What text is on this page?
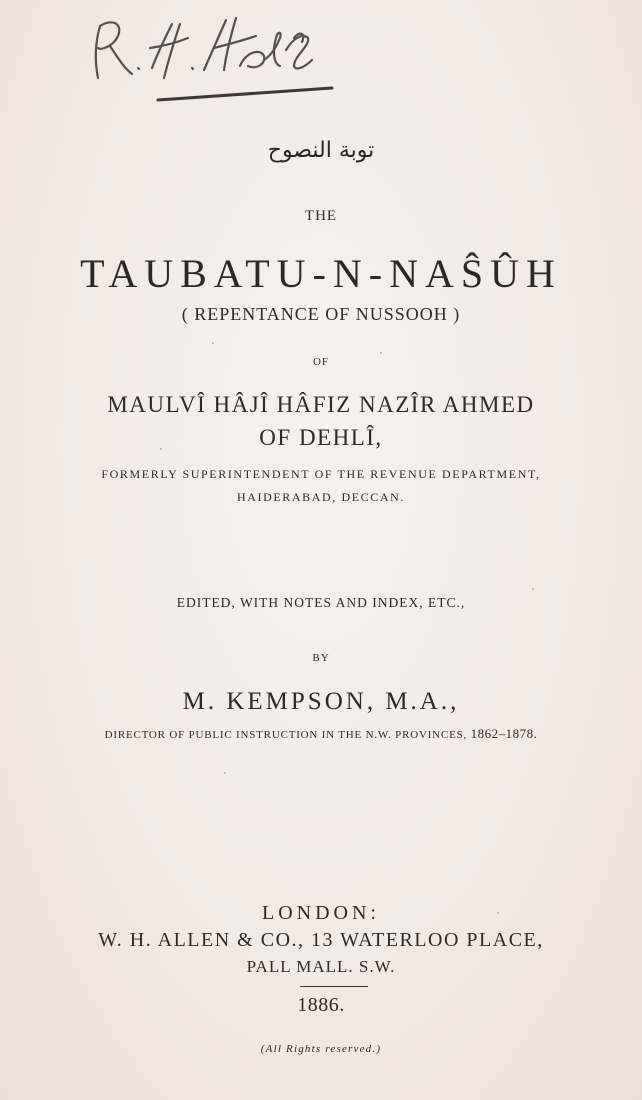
توبة النصوح
THE
TAUBATU-N-NAŜÛH
( REPENTANCE OF NUSSOOH )
OF
MAULVÎ HÂJÎ HÂFIZ NAZÎR AHMED
OF DEHLÎ,
FORMERLY SUPERINTENDENT OF THE REVENUE DEPARTMENT,
HAIDERABAD, DECCAN.
EDITED, WITH NOTES AND INDEX, ETC.,
BY
M. KEMPSON, M.A.,
DIRECTOR OF PUBLIC INSTRUCTION IN THE N.W. PROVINCES, 1862–1878.
LONDON:
W. H. ALLEN & CO., 13 WATERLOO PLACE,
PALL MALL. S.W.
1886.
(All Rights reserved.)
